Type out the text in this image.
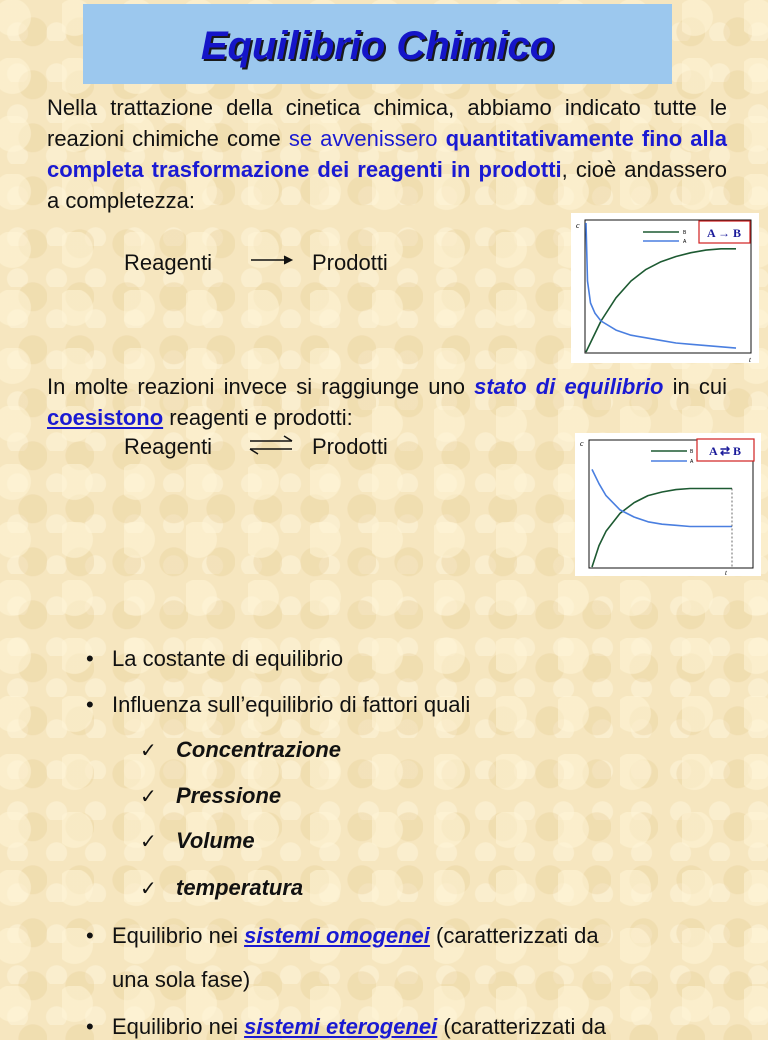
Equilibrio Chimico
Nella trattazione della cinetica chimica, abbiamo indicato tutte le reazioni chimiche come se avvenissero quantitativamente fino alla completa trasformazione dei reagenti in prodotti, cioè andassero a completezza:
Reagenti	Prodotti
c
t
B
A
A → B
In molte reazioni invece si raggiunge uno stato di equilibrio in cui coesistono reagenti e prodotti:
Reagenti ⇌ Prodotti	c
t
B
A
A ⇄ B
• La costante di equilibrio
• Influenza sull’equilibrio di fattori quali
✓ Concentrazione
✓ Pressione
✓ Volume
✓ temperatura
• Equilibrio nei sistemi omogenei (caratterizzati da
una sola fase)
• Equilibrio nei sistemi eterogenei (caratterizzati da
